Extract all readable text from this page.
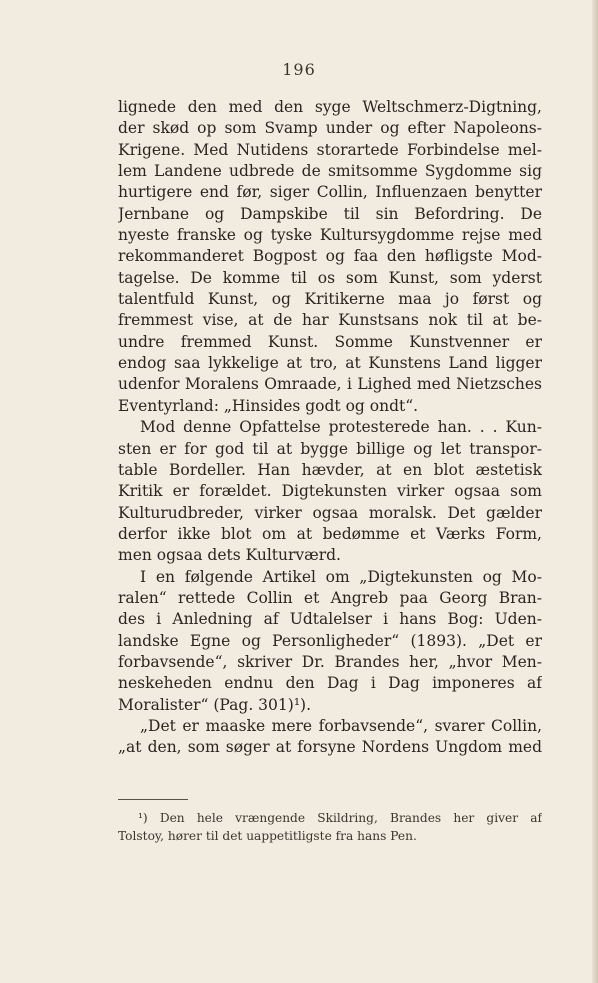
196
lignede den med den syge Weltschmerz-Digtning,
der skød op som Svamp under og efter Napoleons-
Krigene. Med Nutidens storartede Forbindelse mel-
lem Landene udbrede de smitsomme Sygdomme sig
hurtigere end før, siger Collin, Influenzaen benytter
Jernbane og Dampskibe til sin Befordring. De
nyeste franske og tyske Kultursygdomme rejse med
rekommanderet Bogpost og faa den høfligste Mod-
tagelse. De komme til os som Kunst, som yderst
talentfuld Kunst, og Kritikerne maa jo først og
fremmest vise, at de har Kunstsans nok til at be-
undre fremmed Kunst. Somme Kunstvenner er
endog saa lykkelige at tro, at Kunstens Land ligger
udenfor Moralens Omraade, i Lighed med Nietzsches
Eventyrland: „Hinsides godt og ondt“.
Mod denne Opfattelse protesterede han. . . Kun-
sten er for god til at bygge billige og let transpor-
table Bordeller. Han hævder, at en blot æstetisk
Kritik er forældet. Digtekunsten virker ogsaa som
Kulturudbreder, virker ogsaa moralsk. Det gælder
derfor ikke blot om at bedømme et Værks Form,
men ogsaa dets Kulturværd.
I en følgende Artikel om „Digtekunsten og Mo-
ralen“ rettede Collin et Angreb paa Georg Bran-
des i Anledning af Udtalelser i hans Bog: Uden-
landske Egne og Personligheder“ (1893). „Det er
forbavsende“, skriver Dr. Brandes her, „hvor Men-
neskeheden endnu den Dag i Dag imponeres af
Moralister“ (Pag. 301)¹).
„Det er maaske mere forbavsende“, svarer Collin,
„at den, som søger at forsyne Nordens Ungdom med
¹) Den hele vrængende Skildring, Brandes her giver af
Tolstoy, hører til det uappetitligste fra hans Pen.
